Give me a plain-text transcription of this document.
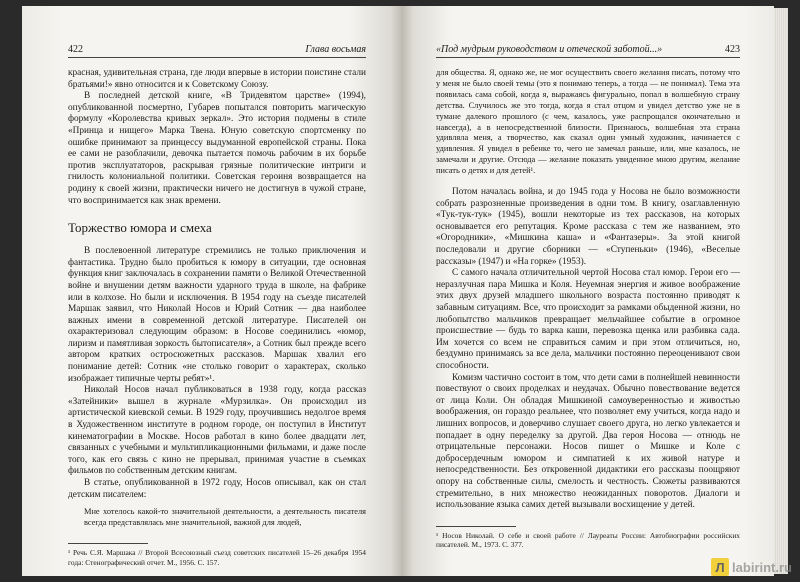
422	Глава восьмая

красная, удивительная страна, где люди впервые в истории поистине стали братьями!» явно относится и к Советскому Союзу.

В последней детской книге, «В Тридевятом царстве» (1994), опубликованной посмертно, Губарев попытался повторить магическую формулу «Королевства кривых зеркал». Это история подмены в стиле «Принца и нищего» Марка Твена. Юную советскую спортсменку по ошибке принимают за принцессу выдуманной европейской страны. Пока ее сами не разоблачили, девочка пытается помочь рабочим в их борьбе против эксплуататоров, раскрывая грязные политические интриги и гнилость колониальной политики. Советская героиня возвращается на родину к своей жизни, практически ничего не достигнув в чужой стране, что воспринимается как знак времени.

Торжество юмора и смеха

В послевоенной литературе стремились не только приключения и фантастика. Трудно было пробиться к юмору в ситуации, где основная функция книг заключалась в сохранении памяти о Великой Отечественной войне и внушении детям важности ударного труда в школе, на фабрике или в колхозе. Но были и исключения. В 1954 году на съезде писателей Маршак заявил, что Николай Носов и Юрий Сотник — два наиболее важных имени в современной детской литературе. Писателей он охарактеризовал следующим образом: в Носове соединились «юмор, лиризм и памятливая зоркость бытописателя», а Сотник был прежде всего автором кратких остросюжетных рассказов. Маршак хвалил его понимание детей: Сотник «не столько говорит о характерах, сколько изображает типичные черты ребят»¹.

Николай Носов начал публиковаться в 1938 году, когда рассказ «Затейники» вышел в журнале «Мурзилка». Он происходил из артистической киевской семьи. В 1929 году, проучившись недолгое время в Художественном институте в родном городе, он поступил в Институт кинематографии в Москве. Носов работал в кино более двадцати лет, связанных с учебными и мультипликационными фильмами, и даже после того, как его связь с кино не прерывал, принимая участие в съемках фильмов по собственным детским книгам.

В статье, опубликованной в 1972 году, Носов описывал, как он стал детским писателем:

Мне хотелось какой-то значительной деятельности, а деятельность писателя всегда представлялась мне значительной, важной для людей,

¹ Речь С.Я. Маршака // Второй Всесоюзный съезд советских писателей 15–26 декабря 1954 года: Стенографический отчет. М., 1956. С. 157.

«Под мудрым руководством и отеческой заботой...»	423

для общества. Я, однако же, не мог осуществить своего желания писать, потому что у меня не было своей темы (это я понимаю теперь, а тогда — не понимал). Тема эта появилась сама собой, когда я, выражаясь фигурально, попал в волшебную страну детства. Случилось же это тогда, когда я стал отцом и увидел детство уже не в тумане далекого прошлого (с чем, казалось, уже распрощался окончательно и навсегда), а в непосредственной близости. Признаюсь, волшебная эта страна удивляла меня, а творчество, как сказал один умный художник, начинается с удивления. Я увидел в ребенке то, чего не замечал раньше, или, мне казалось, не замечали и другие. Отсюда — желание показать увиденное мною другим, желание писать о детях и для детей¹.

Потом началась война, и до 1945 года у Носова не было возможности собрать разрозненные произведения в одни том. В книгу, озаглавленную «Тук-тук-тук» (1945), вошли некоторые из тех рассказов, на которых основывается его репутация. Кроме рассказа с тем же названием, это «Огородники», «Мишкина каша» и «Фантазеры». За этой книгой последовали и другие сборники — «Ступеньки» (1946), «Веселые рассказы» (1947) и «На горке» (1953).

С самого начала отличительной чертой Носова стал юмор. Герои его — неразлучная пара Мишка и Коля. Неуемная энергия и живое воображение этих двух друзей младшего школьного возраста постоянно приводят к забавным ситуациям. Все, что происходит за рамками обыденной жизни, но любопытство мальчиков превращает мельчайшее событие в огромное происшествие — будь то варка каши, перевозка щенка или разбивка сада. Им хочется со всем не справиться самим и при этом отличиться, но, бездумно принимаясь за все дела, мальчики постоянно переоценивают свои способности.

Комизм частично состоит в том, что дети сами в полнейшей невинности повествуют о своих проделках и неудачах. Обычно повествование ведется от лица Коли. Он обладая Мишкиной самоуверенностью и живостью воображения, он гораздо реальнее, что позволяет ему учиться, когда надо и лишних вопросов, и доверчиво слушает своего друга, но легко увлекается и попадает в одну переделку за другой. Два героя Носова — отнюдь не отрицательные персонажи. Носов пишет о Мишке и Коле с добросердечным юмором и симпатией к их живой натуре и непосредственности. Без откровенной дидактики его рассказы поощряют опору на собственные силы, смелость и честность. Сюжеты развиваются стремительно, в них множество неожиданных поворотов. Диалоги и использование языка самих детей вызывали восхищение у детей.

¹ Носов Николай. О себе и своей работе // Лауреаты России: Автобиографии российских писателей. М., 1973. С. 377.

Л labirint.ru
